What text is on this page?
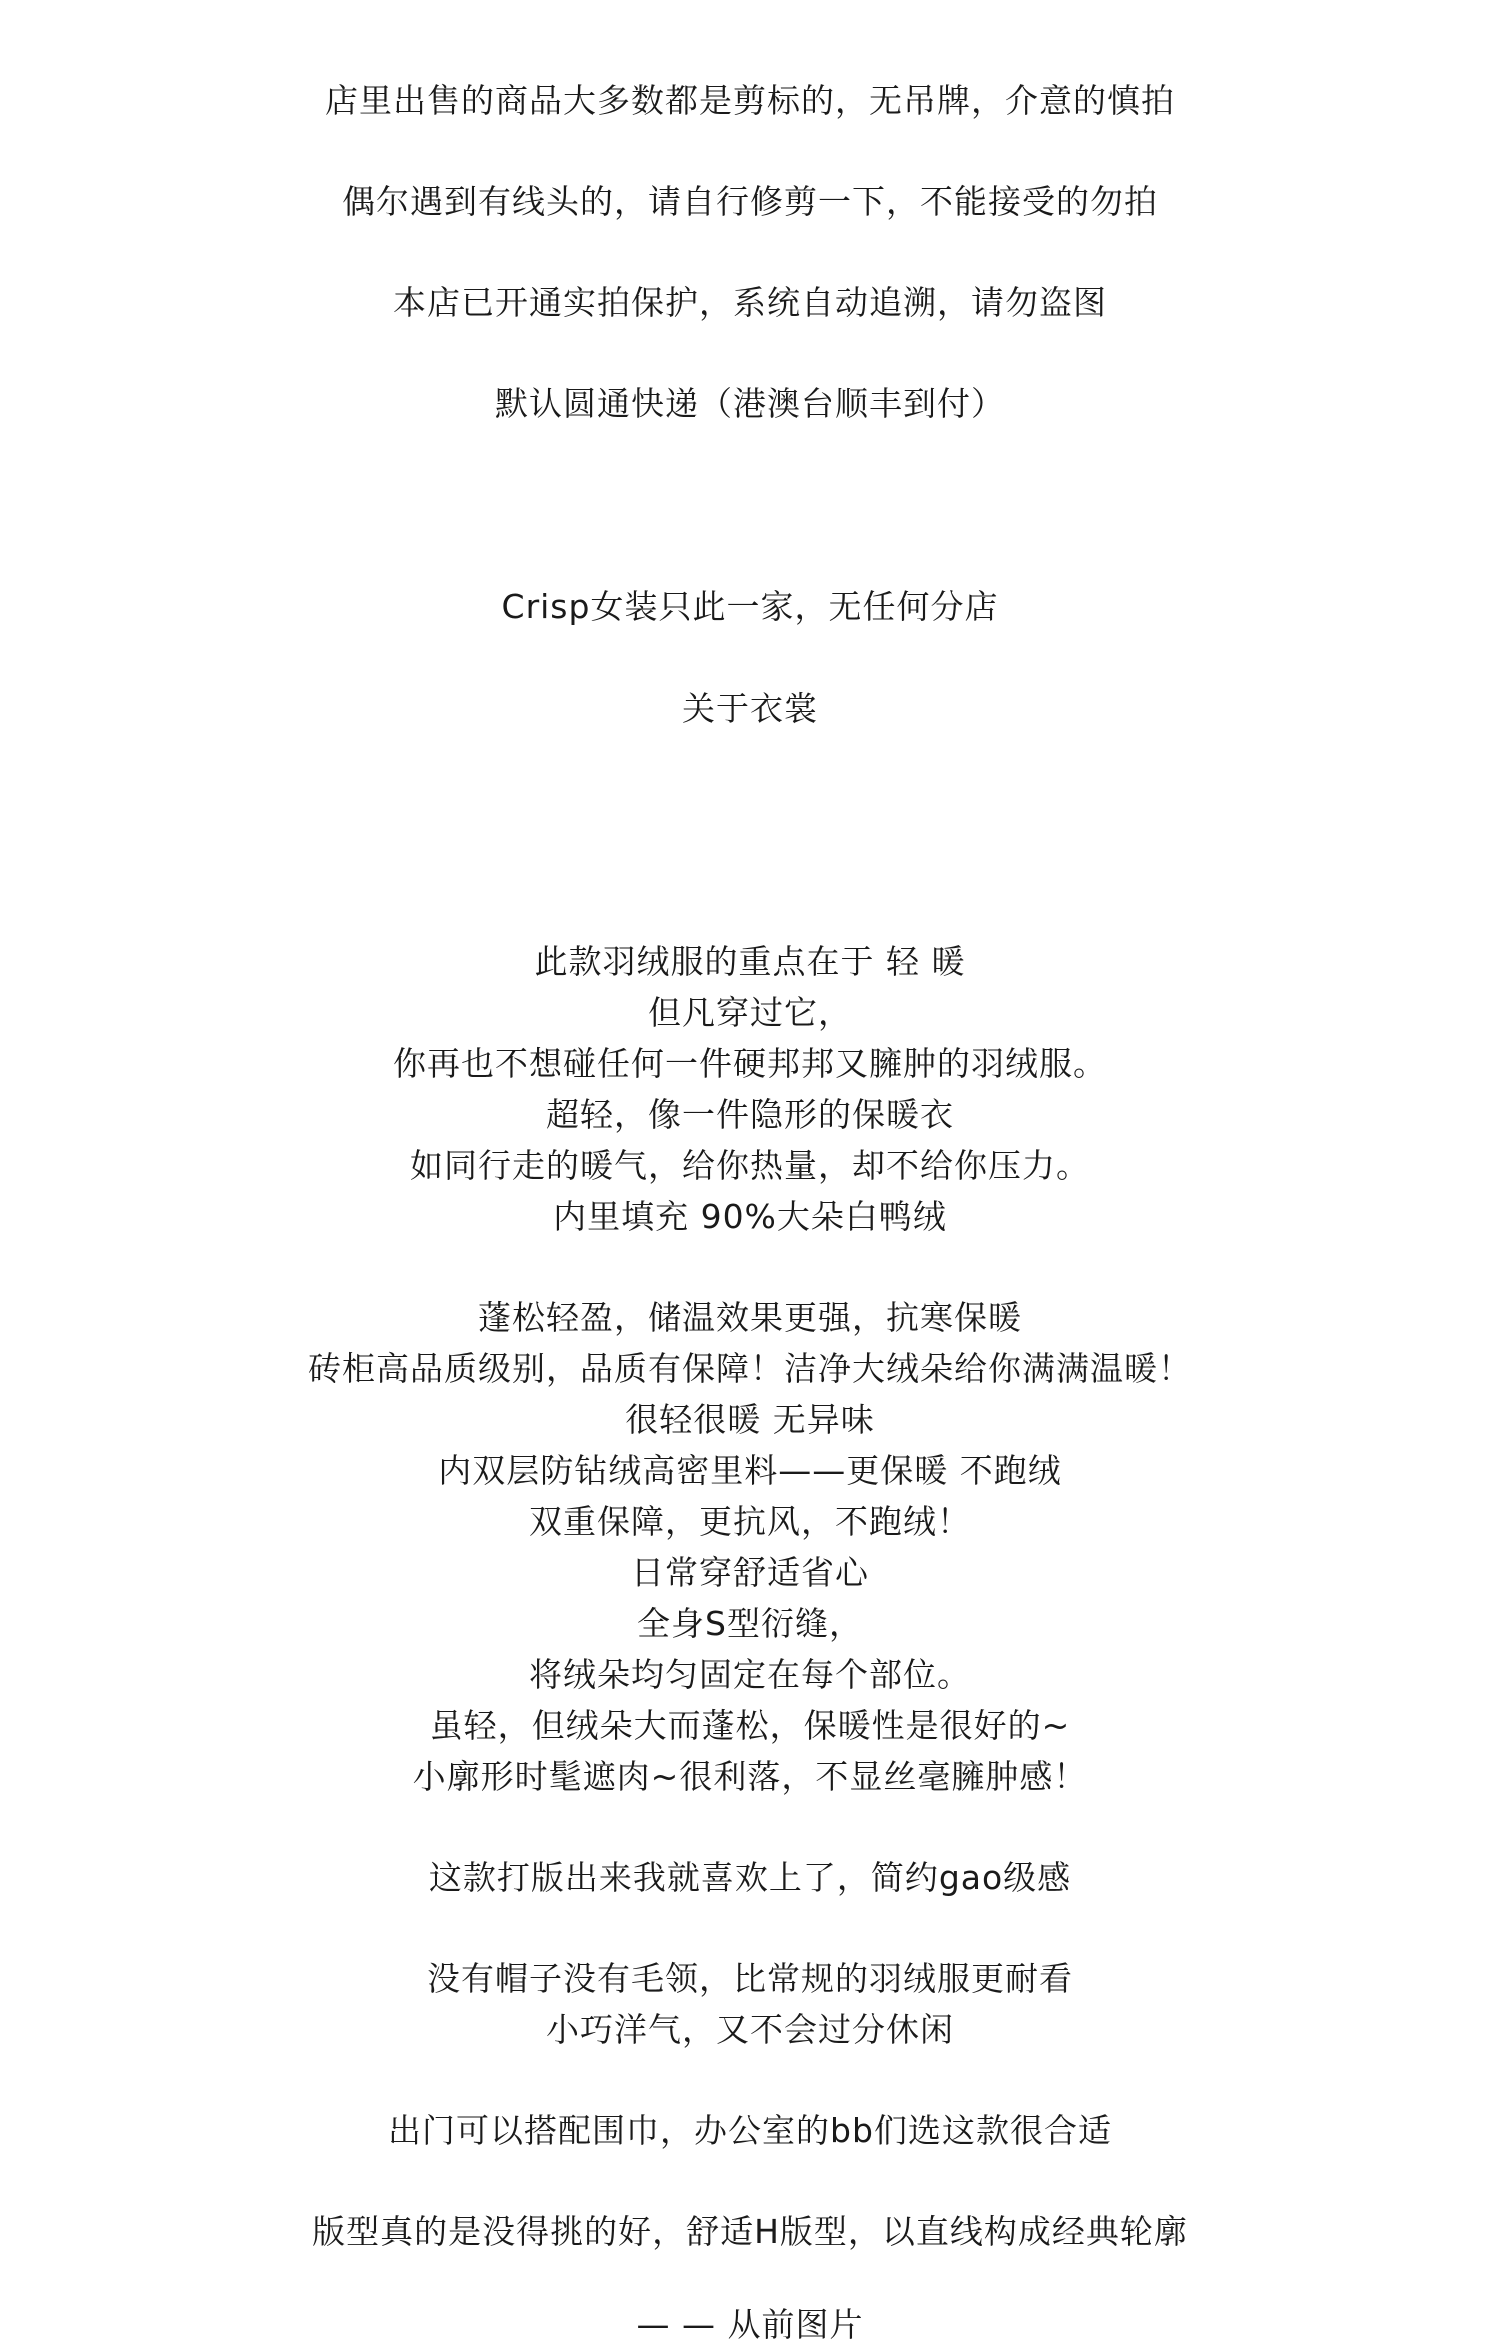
店里出售的商品大多数都是剪标的，无吊牌，介意的慎拍
偶尔遇到有线头的，请自行修剪一下，不能接受的勿拍
本店已开通实拍保护，系统自动追溯，请勿盗图
默认圆通快递（港澳台顺丰到付）
Crisp女装只此一家，无任何分店
关于衣裳
此款羽绒服的重点在于 轻 暖
但凡穿过它，
你再也不想碰任何一件硬邦邦又臃肿的羽绒服。
超轻，像一件隐形的保暖衣
如同行走的暖气，给你热量，却不给你压力。
内里填充 90%大朵白鸭绒
蓬松轻盈，储温效果更强，抗寒保暖
砖柜高品质级别，品质有保障！洁净大绒朵给你满满温暖！
很轻很暖 无异味
内双层防钻绒高密里料——更保暖 不跑绒
双重保障，更抗风，不跑绒！
日常穿舒适省心
全身S型衍缝，
将绒朵均匀固定在每个部位。
虽轻，但绒朵大而蓬松，保暖性是很好的~
小廓形时髦遮肉~很利落，不显丝毫臃肿感！
这款打版出来我就喜欢上了，简约gao级感
没有帽子没有毛领，比常规的羽绒服更耐看
小巧洋气，又不会过分休闲
出门可以搭配围巾，办公室的bb们选这款很合适
版型真的是没得挑的好，舒适H版型，以直线构成经典轮廓
— — 从前图片
